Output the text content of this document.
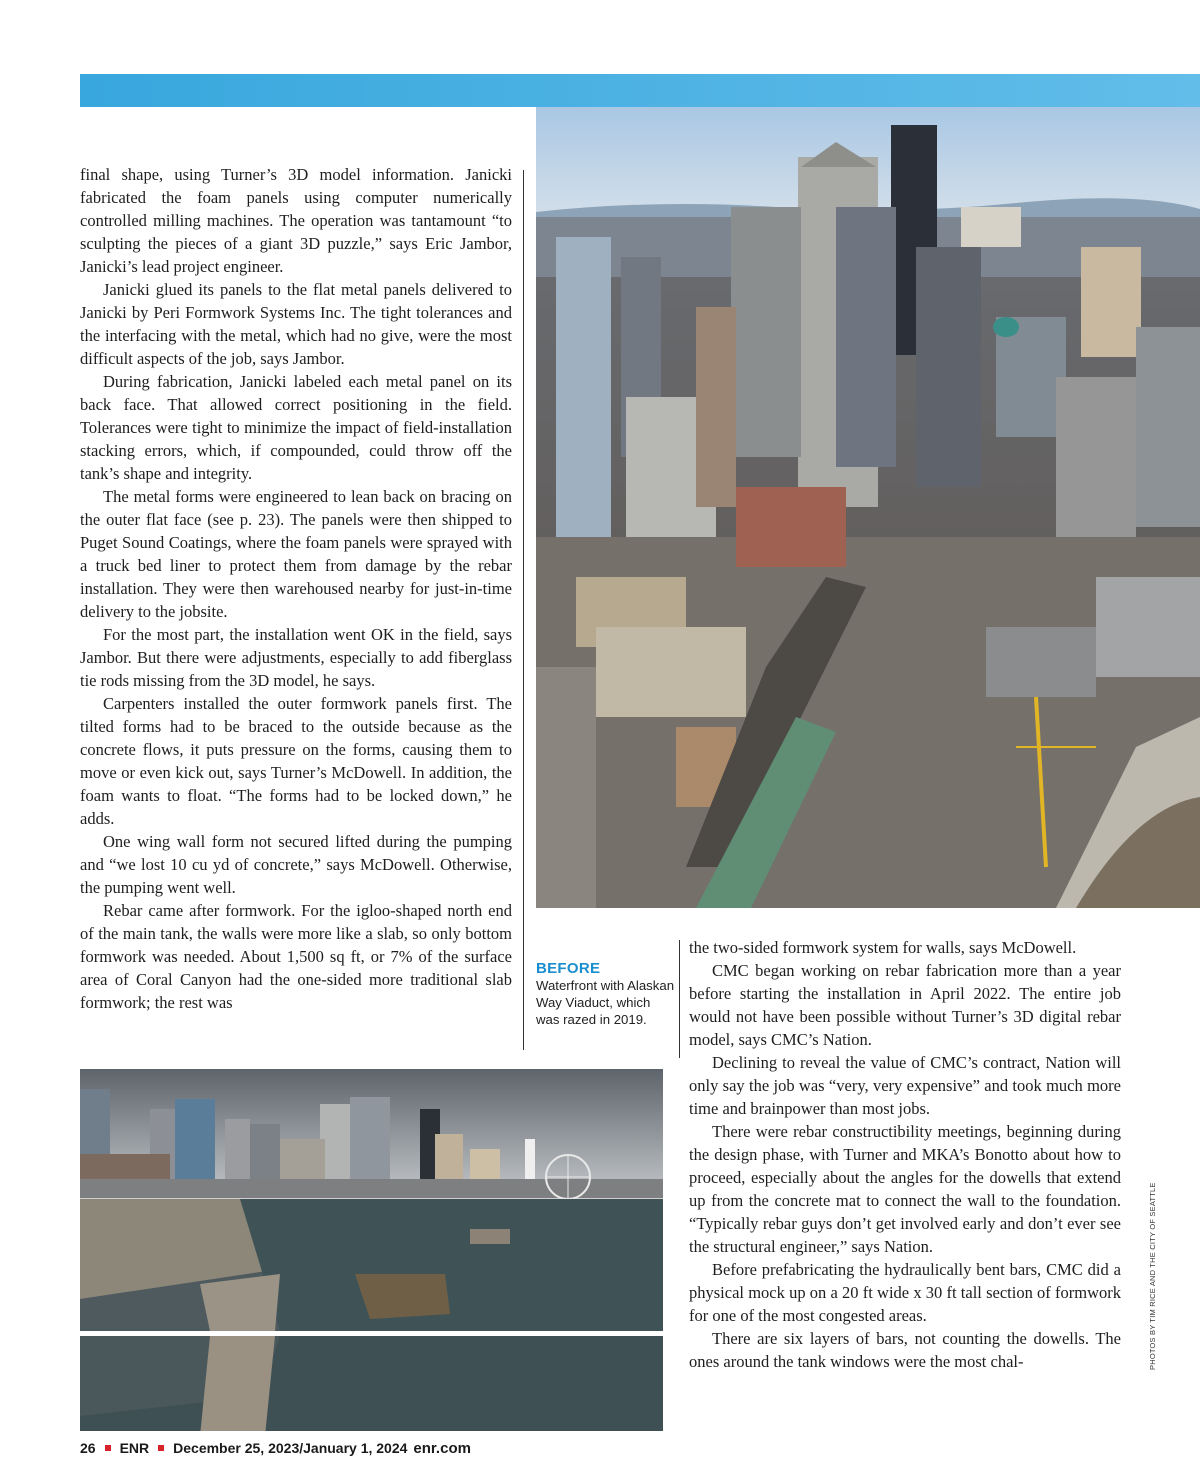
final shape, using Turner’s 3D model information. Janicki fabricated the foam panels using computer numerically controlled milling machines. The operation was tantamount “to sculpting the pieces of a giant 3D puzzle,” says Eric Jambor, Janicki’s lead project engineer.

Janicki glued its panels to the flat metal panels delivered to Janicki by Peri Formwork Systems Inc. The tight tolerances and the interfacing with the metal, which had no give, were the most difficult aspects of the job, says Jambor.

During fabrication, Janicki labeled each metal panel on its back face. That allowed correct positioning in the field. Tolerances were tight to minimize the impact of field-installation stacking errors, which, if compounded, could throw off the tank’s shape and integrity.

The metal forms were engineered to lean back on bracing on the outer flat face (see p. 23). The panels were then shipped to Puget Sound Coatings, where the foam panels were sprayed with a truck bed liner to protect them from damage by the rebar installation. They were then warehoused nearby for just-in-time delivery to the jobsite.

For the most part, the installation went OK in the field, says Jambor. But there were adjustments, especially to add fiberglass tie rods missing from the 3D model, he says.

Carpenters installed the outer formwork panels first. The tilted forms had to be braced to the outside because as the concrete flows, it puts pressure on the forms, causing them to move or even kick out, says Turner’s McDowell. In addition, the foam wants to float. “The forms had to be locked down,” he adds.

One wing wall form not secured lifted during the pumping and “we lost 10 cu yd of concrete,” says McDowell. Otherwise, the pumping went well.

Rebar came after formwork. For the igloo-shaped north end of the main tank, the walls were more like a slab, so only bottom formwork was needed. About 1,500 sq ft, or 7% of the surface area of Coral Canyon had the one-sided more traditional slab formwork; the rest was

BEFORE
Waterfront with Alaskan Way Viaduct, which was razed in 2019.

the two-sided formwork system for walls, says McDowell.

CMC began working on rebar fabrication more than a year before starting the installation in April 2022. The entire job would not have been possible without Turner’s 3D digital rebar model, says CMC’s Nation.

Declining to reveal the value of CMC’s contract, Nation will only say the job was “very, very expensive” and took much more time and brainpower than most jobs.

There were rebar constructibility meetings, beginning during the design phase, with Turner and MKA’s Bonotto about how to proceed, especially about the angles for the dowells that extend up from the concrete mat to connect the wall to the foundation. “Typically rebar guys don’t get involved early and don’t ever see the structural engineer,” says Nation.

Before prefabricating the hydraulically bent bars, CMC did a physical mock up on a 20 ft wide x 30 ft tall section of formwork for one of the most congested areas.

There are six layers of bars, not counting the dowells. The ones around the tank windows were the most chal-	PHOTOS BY TIM RICE AND THE CITY OF SEATTLE
26 ENR December 25, 2023/January 1, 2024 enr.com
